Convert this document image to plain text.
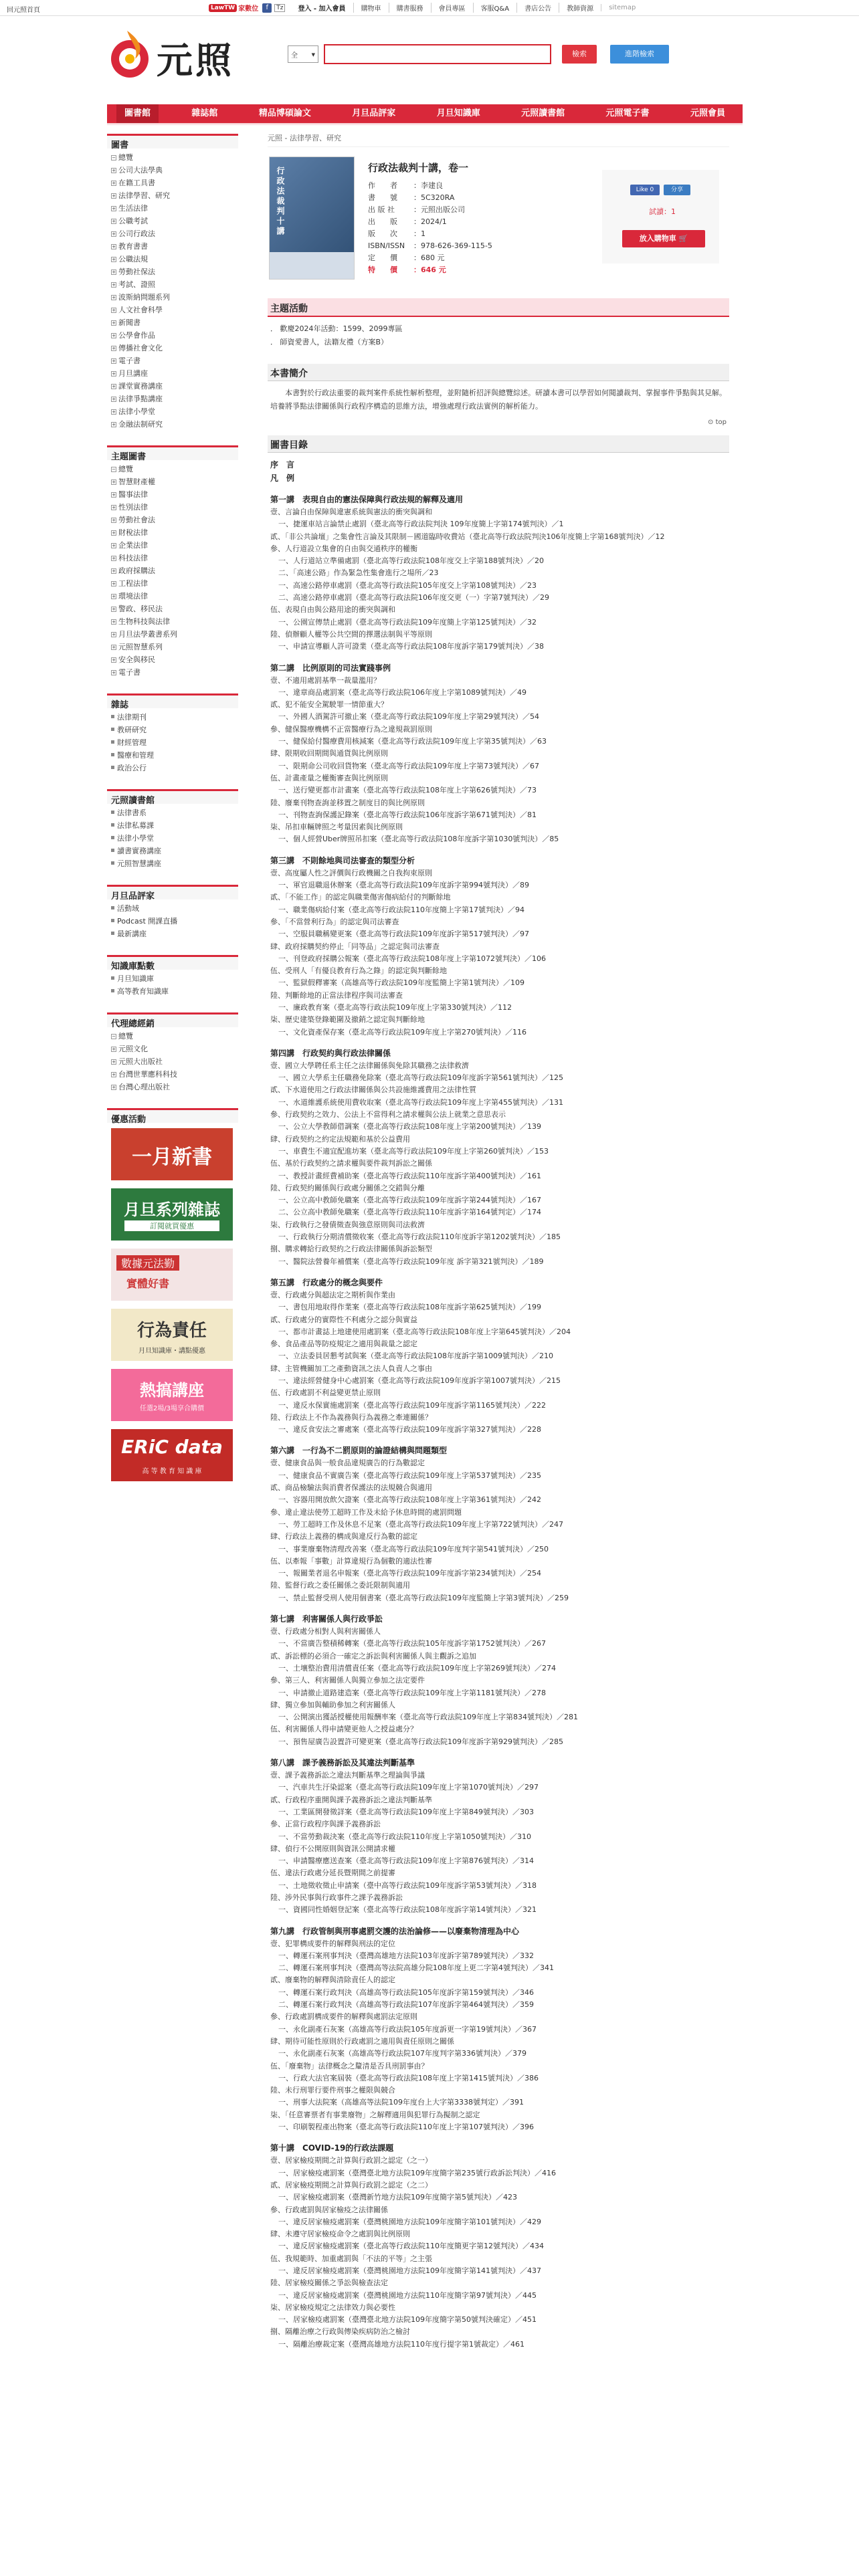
回元照首頁	LawTW 家數位	f	Tz	登入 - 加入會員	購物車	購書服務	會員專區	客服Q&A	書店公告	教師資源	sitemap
元照	全	▼	檢索	進階檢索
圖書館	雜誌館	精品博碩論文	月旦品評家	月旦知識庫	元照讀書館	元照電子書	元照會員
圖書
− 總覽
+ 公司大法學典
+ 在籍工具書
+ 法律學習、研究
+ 生活法律
+ 公職考試
+ 公司行政法
+ 教育書書
+ 公職法規
+ 勞動社保法
+ 考試、證照
+ 波斯納問題系列
+ 人文社會科學
+ 新聞書
+ 公學會作品
+ 傳播社會文化
+ 電子書
+ 月旦講座
+ 課堂實務講座
+ 法律爭點講座
+ 法律小學堂
+ 金融法制研究
主題圖書
− 總覽
+ 智慧財產權
+ 醫事法律
+ 性別法律
+ 勞動社會法
+ 財稅法律
+ 企業法律
+ 科技法律
+ 政府採購法
+ 工程法律
+ 環境法律
+ 警政、移民法
+ 生物科技與法律
+ 月旦法學叢書系列
+ 元照智慧系列
+ 安全與移民
+ 電子書
雜誌
法律期刊
教研研究
財經管理
醫療和管理
政治公行
元照讀書館
法律書系
法律私募課
法律小學堂
讀書實務講座
元照智慧講座
月旦品評家
活動域
Podcast 開課直播
最新講座
知識庫點數
月旦知識庫
高等教育知識庫
代理總經銷
− 總覽
+ 元照文化
+ 元照大出版社
+ 台灣世華應科科技
+ 台灣心理出版社
優惠活動
一月新書
月旦系列雜誌
訂閱就買優惠
數據元法勤
實體好書
行為責任
月旦知識庫・講點優惠
熱搞講座
任選2場/3場享合購價
ERiC data
高 等 教 育 知 識 庫
元照 - 法律學習、研究
行政法裁判十講	行政法裁判十講，卷一
作　　者 ：李建良
書　　號 ：5C320RA
出 版 社	：元照出版公司
出　　版 ：2024/1
版　　次 ：1
ISBN/ISSN ：978-626-369-115-5
定　　價 ：680 元
特　　價 ：646 元
Like 0	分享
試讀：1
放入購物車 🛒
主題活動
． 歡慶2024年活動：1599、2099專區
． 師資愛書人，法籍友禮（方案B）
本書簡介

本書對於行政法重要的裁判案件系統性解析整理，並附隨析招評與總覽綜述。研讀本書可以學習如何閱讀裁判、掌握事件爭點與其見解。培養將爭點法律關係與行政程序構造的思維方法，增強處理行政法實例的解析能力。

⊙ top
圖書目錄
序　言
凡　例
第一講　表現自由的憲法保障與行政法規的解釋及適用
壹、言論自由保障與違憲系統與憲法的衝突與調和
一、捷運車站言論禁止處罰（臺北高等行政法院判決 109年度簡上字第174號判決）／1
貳、「非公共論壇」之集會性言論及其限制－國道臨時收費站（臺北高等行政法院判決106年度簡上字第168號判決）／12
參、人行道設立集會的自由與交通秩序的權衡
一、人行道站立準備處罰（臺北高等行政法院108年度交上字第188號判決）／20
二、「高速公路」作為緊急性集會進行之場所／23
一、高速公路停車處罰（臺北高等行政法院105年度交上字第108號判決）／23
二、高速公路停車處罰（臺北高等行政法院106年度交更（一）字第7號判決）／29
伍、表現自由與公路用途的衝突與調和
一、公園宣傳禁止處罰（臺北高等行政法院109年度簡上字第125號判決）／32
陸、偵辦顧人權等公共空間的擇選法制與平等原則
一、申請宣導顧人許可證業（臺北高等行政法院108年度訴字第179號判決）／38
第二講　比例原則的司法實踐事例
壹、不適用處罰基準一裁量濫用？
一、違章商品處罰案（臺北高等行政法院106年度上字第1089號判決）／49
貳、犯不能安全駕駛罪一情節重大？
一、外國人酒駕許可撤止案（臺北高等行政法院109年度上字第29號判決）／54
參、健保醫療機構不正當醫療行為之違規裁罰原則
一、健保給付醫療費用核減案（臺北高等行政法院109年度上字第35號判決）／63
肆、限期收回期間與通貨與比例原則
一、限期命公司收回貨物案（臺北高等行政法院109年度上字第73號判決）／67
伍、計畫產量之權衡審查與比例原則
一、送行變更都市計畫案（臺北高等行政法院108年度上字第626號判決）／73
陸、廢棄刊物查詢並移置之制度目的與比例原則
一、刊物查詢保護記錄案（臺北高等行政法院106年度訴字第671號判決）／81
柒、吊扣車輛牌照之考量因素與比例原則
一、個人經營Uber牌照吊扣案（臺北高等行政法院108年度訴字第1030號判決）／85
第三講　不則餘地與司法審查的類型分析
壹、高度屬人性之評價與行政機關之自我拘束原則
一、軍官退職退休辦案（臺北高等行政法院109年度訴字第994號判決）／89
貳、「不能工作」的認定與職業傷害傷病給付的判斷餘地
一、職業傷病給付案（臺北高等行政法院110年度簡上字第17號判決）／94
參、「不當營利行為」的認定與司法審查
一、空服員職稱變更案（臺北高等行政法院109年度訴字第517號判決）／97
肆、政府採購契約停止「同等品」之認定與司法審查
一、刊登政府採購公報案（臺北高等行政法院108年度上字第1072號判決）／106
伍、受刑人「有優良教育行為之錄」的認定與判斷餘地
一、監獄假釋審案（高雄高等行政法院109年度監簡上字第1號判決）／109
陸、判斷餘地的正當法律程序與司法審查
一、廉政教育案（臺北高等行政法院109年度上字第330號判決）／112
柒、歷史建築登錄範圍及撤銷之認定與判斷餘地
一、文化資產保存案（臺北高等行政法院109年度上字第270號判決）／116
第四講　行政契約與行政法律關係
壹、國立大學聘任系主任之法律關係與免除其職務之法律救濟
一、國立大學系主任職務免除案（臺北高等行政法院109年度訴字第561號判決）／125
貳、下水道使用之行政法律關係與公共設施維護費用之法律性質
一、水道維護系統使用費收取案（臺北高等行政法院109年度上字第455號判決）／131
參、行政契約之效力、公法上不當得利之請求權與公法上就業之意思表示
一、公立大學教師借調案（臺北高等行政法院108年度上字第200號判決）／139
肆、行政契約之約定法規範和基於公益費用
一、車費生不適宜配進坊案（臺北高等行政法院109年度上字第260號判決）／153
伍、基於行政契約之請求權與要件裁判訴訟之關係
一、教授計畫經費補助案（臺北高等行政法院110年度訴字第400號判決）／161
陸、行政契約關係與行政處分關係之交錯與分離
一、公立高中教師免職案（臺北高等行政法院109年度訴字第244號判決）／167
二、公立高中教師免職案（臺北高等行政法院110年度訴字第164號判定）／174
柒、行政執行之發債徵查與強意原則與司法救濟
一、行政執行分期清償徵收案（臺北高等行政法院110年度訴字第1202號判決）／185
捌、購求轉給行政契約之行政法律關係與訴訟類型
一、醫院法營養年補償案（臺北高等行政法院109年度 訴字第321號判決）／189
第五講　行政處分的概念與要件
壹、行政處分與超法定之期析與作業由
一、書包用地取得作業案（臺北高等行政法院108年度訴字第625號判決）／199
貳、行政處分的實際性不利處分之認分與實益
一、都市計畫誌上地建使用處罰案（臺北高等行政法院108年度上字第645號判決）／204
參、食品產品等防疫規定之適用與裁量之認定
一、立法委員居懇考試與案（臺北高等行政法院108年度訴字第1009號判決）／210
肆、主管機關加工之產動資訊之法人負責人之事由
一、違法經營健身中心處罰案（臺北高等行政法院109年度訴字第1007號判決）／215
伍、行政處罰不利益變更禁止原則
一、違反水保實施處罰案（臺北高等行政法院109年度訴字第1165號判決）／222
陸、行政法上不作為義務與行為義務之牽連關係？
一、違反食安法之審處案（臺北高等行政法院109年度訴字第327號判決）／228
第六講　一行為不二罰原則的論證結構與問題類型
壹、健康食品與一般食品違規廣告的行為數認定
一、健康食品不實廣告案（臺北高等行政法院109年度上字第537號判決）／235
貳、商品檢驗法與消費者保護法的法規競合與適用
一、容器用開放飲欠證案（臺北高等行政法院108年度上字第361號判決）／242
參、違止違法使勞工超時工作及未給予休息時間的處罰問題
一、勞工超時工作及休息不足案（臺北高等行政法院109年度上字第722號判決）／247
肆、行政法上義務的構成與違反行為數的認定
一、事業廢棄物清理改善案（臺北高等行政法院109年度判字第541號判決）／250
伍、以牽報「事數」計算違規行為個數的適法性審
一、報關業者退名申報案（臺北高等行政法院109年度訴字第234號判決）／254
陸、監督行政之委任關係之委託限制與適用
一、禁止監督受刑人使用個書案（臺北高等行政法院109年度監簡上字第3號判決）／259
第七講　利害關係人與行政爭訟
壹、行政處分相對人與利害關係人
一、不當廣告整積稀轉案（臺北高等行政法院105年度訴字第1752號判決）／267
貳、訴訟標的必須合一確定之訴訟與利害關係人與主觀訴之追加
一、土壤整治費用清償責任案（臺北高等行政法院109年度上字第269號判決）／274
參、第三人、利害關係人與獨立參加之法定要件
一、申請撤止道路建造案（臺北高等行政法院109年度上字第1181號判決）／278
肆、獨立參加與輔助參加之利害關係人
一、公開演出獲話授權使用報酬率案（臺北高等行政法院109年度上字第834號判決）／281
伍、利害關係人得申請變更他人之授益處分？
一、預售屋廣告設置許可變更案（臺北高等行政法院109年度訴字第929號判決）／285
第八講　課予義務訴訟及其違法判斷基準
壹、課予義務訴訟之違法判斷基準之理論與爭議
一、汽車共生汙染認案（臺北高等行政法院109年度上字第1070號判決）／297
貳、行政程序重開與課予義務訴訟之違法判斷基準
一、工業區開發徵詳案（臺北高等行政法院109年度上字第849號判決）／303
參、正當行政程序與課予義務訴訟
一、不當勞動裁決案（臺北高等行政法院110年度上字第1050號判決）／310
肆、偵行不公開原則與資訊公開請求權
一、申請醫療應送查案（臺北高等行政法院109年度上字第876號判決）／314
伍、違法行政處分延長暨期間之前提審
一、土地徵收徵止申請案（臺中高等行政法院109年度訴字第53號判決）／318
陸、涉外民事與行政事件之課予義務訴訟
一、資國同性婚姻登記案（臺北高等行政法院108年度訴字第14號判決）／321
第九講　行政管制與刑事處罰交護的法治論修——以廢棄物清理為中心
壹、犯罪構成要件的解釋與刑法的定位
一、轉運石案刑事判決（臺灣高雄地方法院103年度訴字第789號判決）／332
二、轉運石案刑事判決（臺灣高等法院高雄分院108年度上更二字第4號判決）／341
貳、廢棄物的解釋與清除責任人的認定
一、轉運石案行政判決（高雄高等行政法院105年度訴字第159號判決）／346
二、轉運石案行政判決（高雄高等行政法院107年度訴字第464號判決）／359
參、行政處罰構成要件的解釋與處罰法定原則
一、永化副產石灰案（高雄高等行政法院105年度訴更一字第19號判決）／367
肆、期待可能性原則於行政處罰之適用與責任原則之關係
一、永化副產石灰案（高雄高等行政法院107年度判字第336號判決）／379
伍、「廢棄物」法律概念之釐清是否具刑罰事由？
一、行政大法官案屆裝（臺北高等行政法院108年度上字第1415號判決）／386
陸、未行刑罪行要件刑事之權限與競合
一、刑事大法院案（高雄高等法院109年度台上大字第3338號判定）／391
柒、「任意審票者有事業廢物」之解釋適用與犯罪行為擬制之認定
一、印刷製程產出物案（臺北高等行政法院110年度上字第107號判決）／396
第十講　COVID-19的行政法課題
壹、居家檢疫期間之計算與行政罰之認定（之一）
一、居家檢疫處罰案（臺灣臺北地方法院109年度簡字第235號行政訴訟判決）／416
貳、居家檢疫期間之計算與行政罰之認定（之二）
一、居家檢疫處罰案（臺灣新竹地方法院109年度簡字第5號判決）／423
參、行政處罰與居家檢疫之法律關係
一、違反居家檢疫處罰案（臺灣桃園地方法院109年度簡字第101號判決）／429
肆、未遵守居家檢疫命令之處罰與比例原則
一、違反居家檢疫處罰案（臺北高等行政法院110年度簡更字第12號判決）／434
伍、我規範時、加重處罰與「不法的平等」之主張
一、違反居家檢疫處罰案（臺灣桃園地方法院109年度簡字第141號判決）／437
陸、居家檢疫關係之爭訟與檢查法定
一、違反居家檢疫處罰案（臺灣桃園地方法院110年度簡字第97號判決）／445
柒、居家檢疫規定之法律效力與必要性
一、居家檢疫處罰案（臺灣臺北地方法院109年度簡字第50號判決確定）／451
捌、隔離治療之行政與傳染疾病防治之檢討
一、隔離治療裁定案（臺灣高雄地方法院110年度行提字第1號裁定）／461
